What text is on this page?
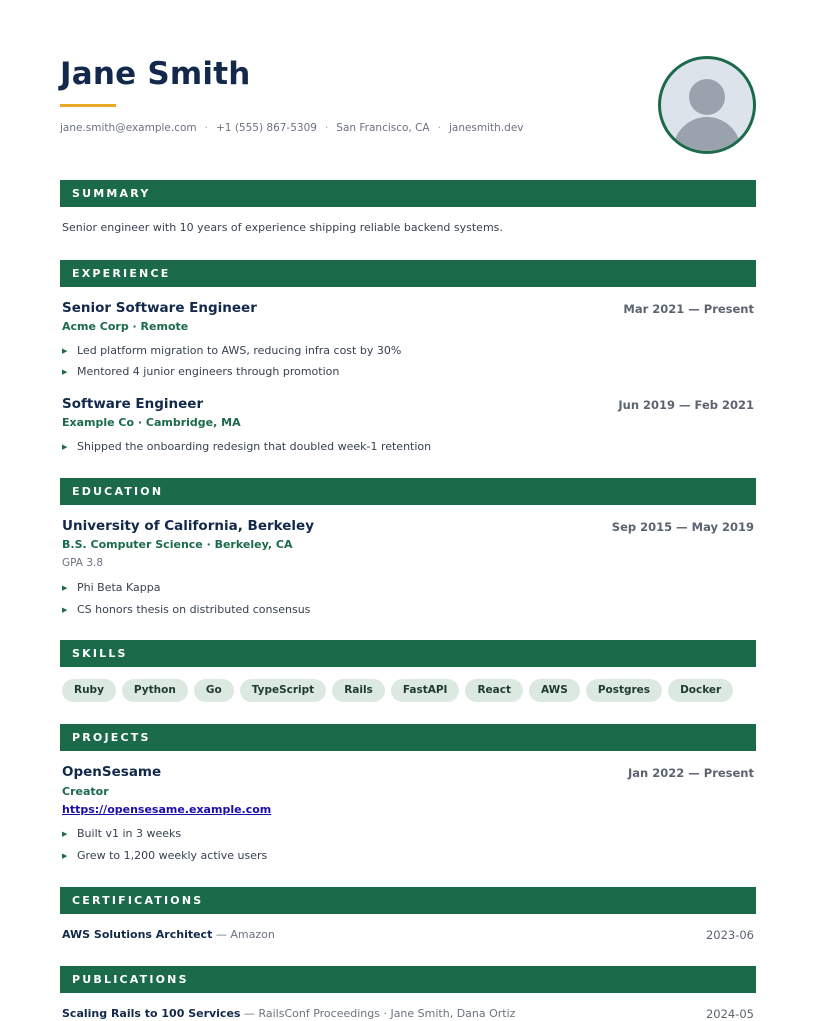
Jane Smith
jane.smith@example.com · +1 (555) 867-5309 · San Francisco, CA · janesmith.dev
SUMMARY
Senior engineer with 10 years of experience shipping reliable backend systems.
EXPERIENCE
Senior Software Engineer	Mar 2021 — Present
Acme Corp · Remote
▶ Led platform migration to AWS, reducing infra cost by 30%
▶ Mentored 4 junior engineers through promotion
Software Engineer	Jun 2019 — Feb 2021
Example Co · Cambridge, MA
▶ Shipped the onboarding redesign that doubled week-1 retention
EDUCATION
University of California, Berkeley	Sep 2015 — May 2019
B.S. Computer Science · Berkeley, CA
GPA 3.8
▶ Phi Beta Kappa
▶ CS honors thesis on distributed consensus
SKILLS
Ruby	Python	Go	TypeScript	Rails	FastAPI	React	AWS	Postgres	Docker
PROJECTS
OpenSesame	Jan 2022 — Present
Creator
https://opensesame.example.com
▶ Built v1 in 3 weeks
▶ Grew to 1,200 weekly active users
CERTIFICATIONS
AWS Solutions Architect — Amazon	2023-06
PUBLICATIONS
Scaling Rails to 100 Services — RailsConf Proceedings · Jane Smith, Dana Ortiz	2024-05
